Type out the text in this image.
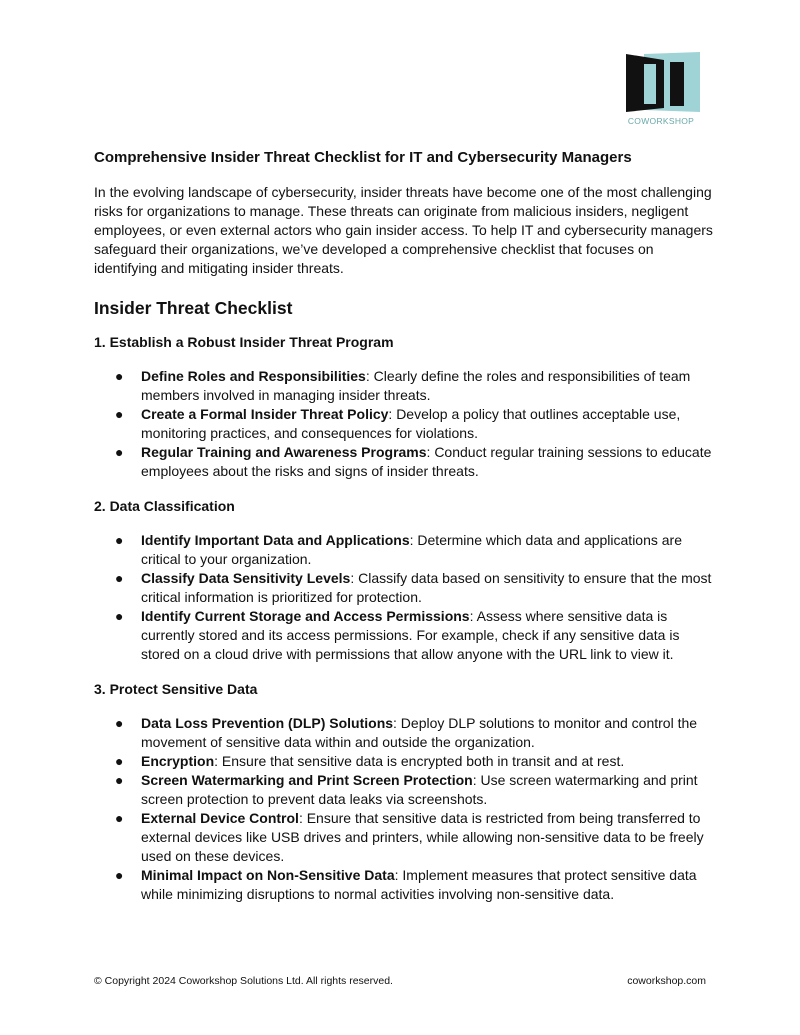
COWORKSHOP
Comprehensive Insider Threat Checklist for IT and Cybersecurity Managers

In the evolving landscape of cybersecurity, insider threats have become one of the most challenging risks for organizations to manage. These threats can originate from malicious insiders, negligent employees, or even external actors who gain insider access. To help IT and cybersecurity managers safeguard their organizations, we’ve developed a comprehensive checklist that focuses on identifying and mitigating insider threats.

Insider Threat Checklist
1. Establish a Robust Insider Threat Program
● Define Roles and Responsibilities: Clearly define the roles and responsibilities of team members involved in managing insider threats.
● Create a Formal Insider Threat Policy: Develop a policy that outlines acceptable use, monitoring practices, and consequences for violations.
● Regular Training and Awareness Programs: Conduct regular training sessions to educate employees about the risks and signs of insider threats.
2. Data Classification
● Identify Important Data and Applications: Determine which data and applications are critical to your organization.
● Classify Data Sensitivity Levels: Classify data based on sensitivity to ensure that the most critical information is prioritized for protection.
● Identify Current Storage and Access Permissions: Assess where sensitive data is currently stored and its access permissions. For example, check if any sensitive data is stored on a cloud drive with permissions that allow anyone with the URL link to view it.
3. Protect Sensitive Data
● Data Loss Prevention (DLP) Solutions: Deploy DLP solutions to monitor and control the movement of sensitive data within and outside the organization.
● Encryption: Ensure that sensitive data is encrypted both in transit and at rest.
● Screen Watermarking and Print Screen Protection: Use screen watermarking and print screen protection to prevent data leaks via screenshots.
● External Device Control: Ensure that sensitive data is restricted from being transferred to external devices like USB drives and printers, while allowing non-sensitive data to be freely used on these devices.
● Minimal Impact on Non-Sensitive Data: Implement measures that protect sensitive data while minimizing disruptions to normal activities involving non-sensitive data.
© Copyright 2024 Coworkshop Solutions Ltd. All rights reserved.	coworkshop.com
